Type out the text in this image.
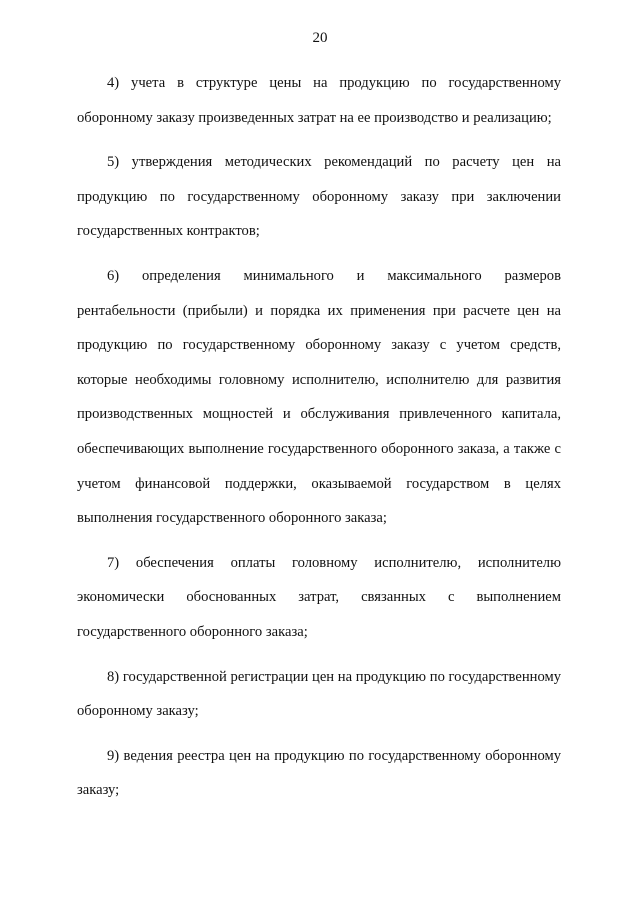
20

4) учета в структуре цены на продукцию по государственному оборонному заказу произведенных затрат на ее производство и реализацию;

5) утверждения методических рекомендаций по расчету цен на продукцию по государственному оборонному заказу при заключении государственных контрактов;

6) определения минимального и максимального размеров рентабельности (прибыли) и порядка их применения при расчете цен на продукцию по государственному оборонному заказу с учетом средств, которые необходимы головному исполнителю, исполнителю для развития производственных мощностей и обслуживания привлеченного капитала, обеспечивающих выполнение государственного оборонного заказа, а также с учетом финансовой поддержки, оказываемой государством в целях выполнения государственного оборонного заказа;

7) обеспечения оплаты головному исполнителю, исполнителю экономически обоснованных затрат, связанных с выполнением государственного оборонного заказа;

8) государственной регистрации цен на продукцию по государственному оборонному заказу;

9) ведения реестра цен на продукцию по государственному оборонному заказу;
